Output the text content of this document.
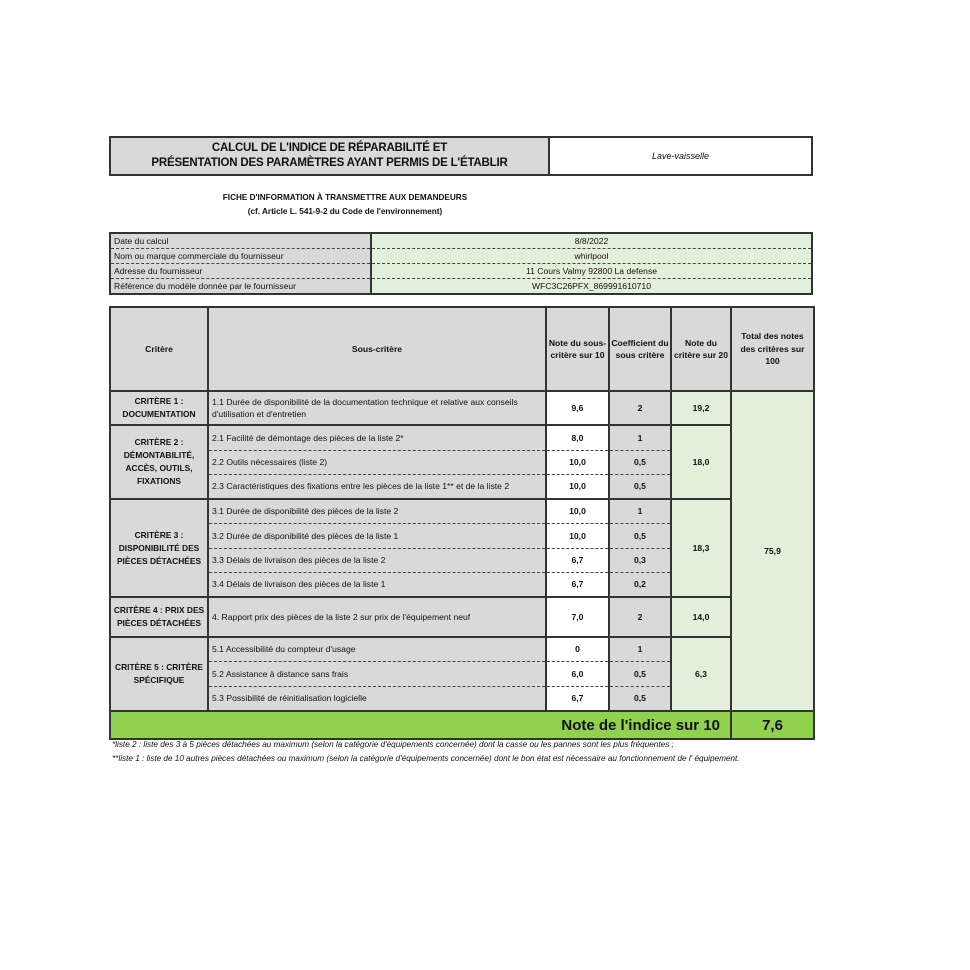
CALCUL DE L'INDICE DE RÉPARABILITÉ ET
PRÉSENTATION DES PARAMÈTRES AYANT PERMIS DE L'ÉTABLIR
Lave-vaisselle
FICHE D'INFORMATION À TRANSMETTRE AUX DEMANDEURS
(cf. Article L. 541-9-2 du Code de l'environnement)
Date du calcul	8/8/2022
Nom ou marque commerciale du fournisseur	whirlpool
Adresse du fournisseur	11 Cours Valmy 92800 La defense
Référence du modèle donnée par le fournisseur	WFC3C26PFX_869991610710
Critère	Sous-critère	Note du sous-critère sur 10	Coefficient du sous critère	Note du critère sur 20	Total des notes des critères sur 100
CRITÈRE 1 : DOCUMENTATION	1.1 Durée de disponibilité de la documentation technique et relative aux conseils d'utilisation et d'entretien	9,6	2	19,2	75,9
CRITÈRE 2 : DÉMONTABILITÉ, ACCÈS, OUTILS, FIXATIONS	2.1 Facilité de démontage des pièces de la liste 2*	8,0	1	18,0	
	2.2 Outils nécessaires (liste 2)	10,0	0,5		
	2.3 Caractéristiques des fixations entre les pièces de la liste 1** et de la liste 2	10,0	0,5		
CRITÈRE 3 : DISPONIBILITÉ DES PIÈCES DÉTACHÉES	3.1 Durée de disponibilité des pièces de la liste 2	10,0	1	18,3	
	3.2 Durée de disponibilité des pièces de la liste 1	10,0	0,5		
	3.3 Délais de livraison des pièces de la liste 2	6,7	0,3		
	3.4 Délais de livraison des pièces de la liste 1	6,7	0,2		
CRITÈRE 4 : PRIX DES PIÈCES DÉTACHÉES	4. Rapport prix des pièces de la liste 2 sur prix de l'équipement neuf	7,0	2	14,0	
CRITÈRE 5 : CRITÈRE SPÉCIFIQUE	5.1 Accessibilité du compteur d'usage	0	1	6,3	
	5.2 Assistance à distance sans frais	6,0	0,5		
	5.3 Possibilité de réinitialisation logicielle	6,7	0,5		
Note de l'indice sur 10					7,6
*liste 2 : liste des 3 à 5 pièces détachées au maximum (selon la catégorie d'équipements concernée) dont la casse ou les pannes sont les plus fréquentes ;
**liste 1 : liste de 10 autres pièces détachées ou maximum (selon la catégorie d'équipements concernée) dont le bon état est nécessaire au fonctionnement de l' équipement.
